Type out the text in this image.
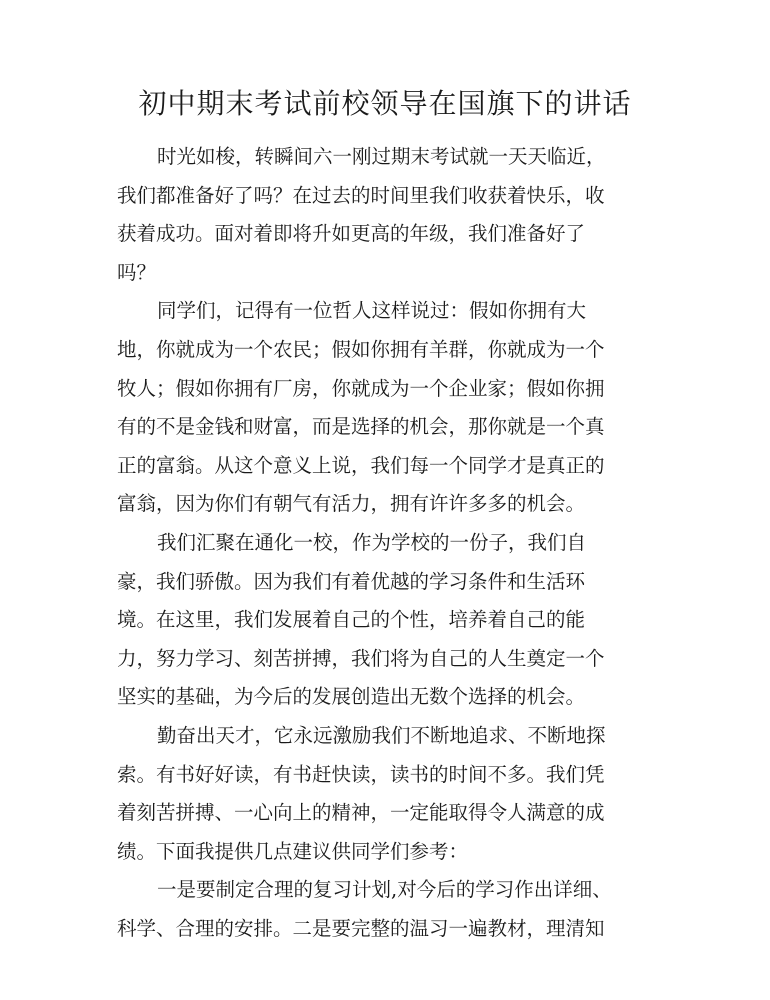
初中期末考试前校领导在国旗下的讲话
时光如梭，转瞬间六一刚过期末考试就一天天临近，
我们都准备好了吗？在过去的时间里我们收获着快乐，收
获着成功。面对着即将升如更高的年级，我们准备好了
吗？
同学们，记得有一位哲人这样说过：假如你拥有大
地，你就成为一个农民；假如你拥有羊群，你就成为一个
牧人；假如你拥有厂房，你就成为一个企业家；假如你拥
有的不是金钱和财富，而是选择的机会，那你就是一个真
正的富翁。从这个意义上说，我们每一个同学才是真正的
富翁，因为你们有朝气有活力，拥有许许多多的机会。
我们汇聚在通化一校，作为学校的一份子，我们自
豪，我们骄傲。因为我们有着优越的学习条件和生活环
境。在这里，我们发展着自己的个性，培养着自己的能
力，努力学习、刻苦拼搏，我们将为自己的人生奠定一个
坚实的基础，为今后的发展创造出无数个选择的机会。
勤奋出天才，它永远激励我们不断地追求、不断地探
索。有书好好读，有书赶快读，读书的时间不多。我们凭
着刻苦拼搏、一心向上的精神，一定能取得令人满意的成
绩。下面我提供几点建议供同学们参考：
一是要制定合理的复习计划,对今后的学习作出详细、
科学、合理的安排。二是要完整的温习一遍教材，理清知
